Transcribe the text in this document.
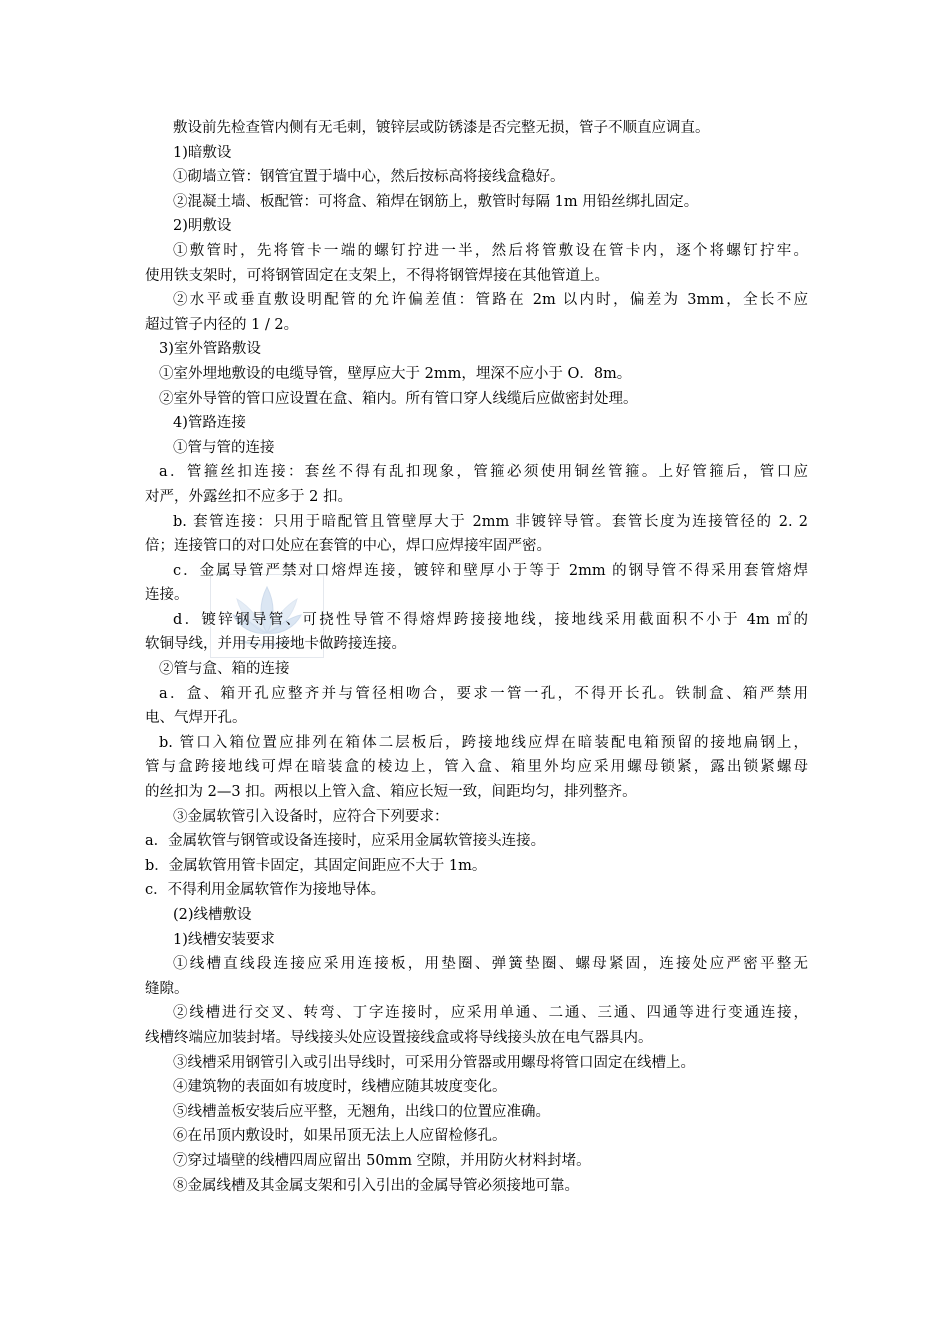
敷设前先检查管内侧有无毛刺，镀锌层或防锈漆是否完整无损，管子不顺直应调直。
1)暗敷设
①砌墙立管：钢管宜置于墙中心，然后按标高将接线盒稳好。
②混凝土墙、板配管：可将盒、箱焊在钢筋上，敷管时每隔 1m 用铅丝绑扎固定。
2)明敷设
①敷管时，先将管卡一端的螺钉拧进一半，然后将管敷设在管卡内，逐个将螺钉拧牢。
使用铁支架时，可将钢管固定在支架上，不得将钢管焊接在其他管道上。
②水平或垂直敷设明配管的允许偏差值：管路在 2m 以内时，偏差为 3mm，全长不应
超过管子内径的 1 / 2。
3)室外管路敷设
①室外埋地敷设的电缆导管，壁厚应大于 2mm，埋深不应小于 O．8m。
②室外导管的管口应设置在盒、箱内。所有管口穿人线缆后应做密封处理。
4)管路连接
①管与管的连接
a．管箍丝扣连接：套丝不得有乱扣现象，管箍必须使用铜丝管箍。上好管箍后，管口应
对严，外露丝扣不应多于 2 扣。
b. 套管连接：只用于暗配管且管壁厚大于 2mm 非镀锌导管。套管长度为连接管径的 2. 2
倍；连接管口的对口处应在套管的中心，焊口应焊接牢固严密。
c．金属导管严禁对口熔焊连接，镀锌和壁厚小于等于 2mm 的钢导管不得采用套管熔焊
连接。
d．镀锌钢导管、可挠性导管不得熔焊跨接接地线，接地线采用截面积不小于 4m ㎡的
软铜导线，并用专用接地卡做跨接连接。
②管与盒、箱的连接
a．盒、箱开孔应整齐并与管径相吻合，要求一管一孔，不得开长孔。铁制盒、箱严禁用
电、气焊开孔。
b. 管口入箱位置应排列在箱体二层板后，跨接地线应焊在暗装配电箱预留的接地扁钢上，
管与盒跨接地线可焊在暗装盒的棱边上，管入盒、箱里外均应采用螺母锁紧，露出锁紧螺母
的丝扣为 2—3 扣。两根以上管入盒、箱应长短一致，间距均匀，排列整齐。
③金属软管引入设备时，应符合下列要求：
a．金属软管与钢管或设备连接时，应采用金属软管接头连接。
b．金属软管用管卡固定，其固定间距应不大于 1m。
c．不得利用金属软管作为接地导体。
(2)线槽敷设
1)线槽安装要求
①线槽直线段连接应采用连接板，用垫圈、弹簧垫圈、螺母紧固，连接处应严密平整无
缝隙。
②线槽进行交叉、转弯、丁字连接时，应采用单通、二通、三通、四通等进行变通连接，
线槽终端应加装封堵。导线接头处应设置接线盒或将导线接头放在电气器具内。
③线槽采用钢管引入或引出导线时，可采用分管器或用螺母将管口固定在线槽上。
④建筑物的表面如有坡度时，线槽应随其坡度变化。
⑤线槽盖板安装后应平整，无翘角，出线口的位置应准确。
⑥在吊顶内敷设时，如果吊顶无法上人应留检修孔。
⑦穿过墙壁的线槽四周应留出 50mm 空隙，并用防火材料封堵。
⑧金属线槽及其金属支架和引入引出的金属导管必须接地可靠。
